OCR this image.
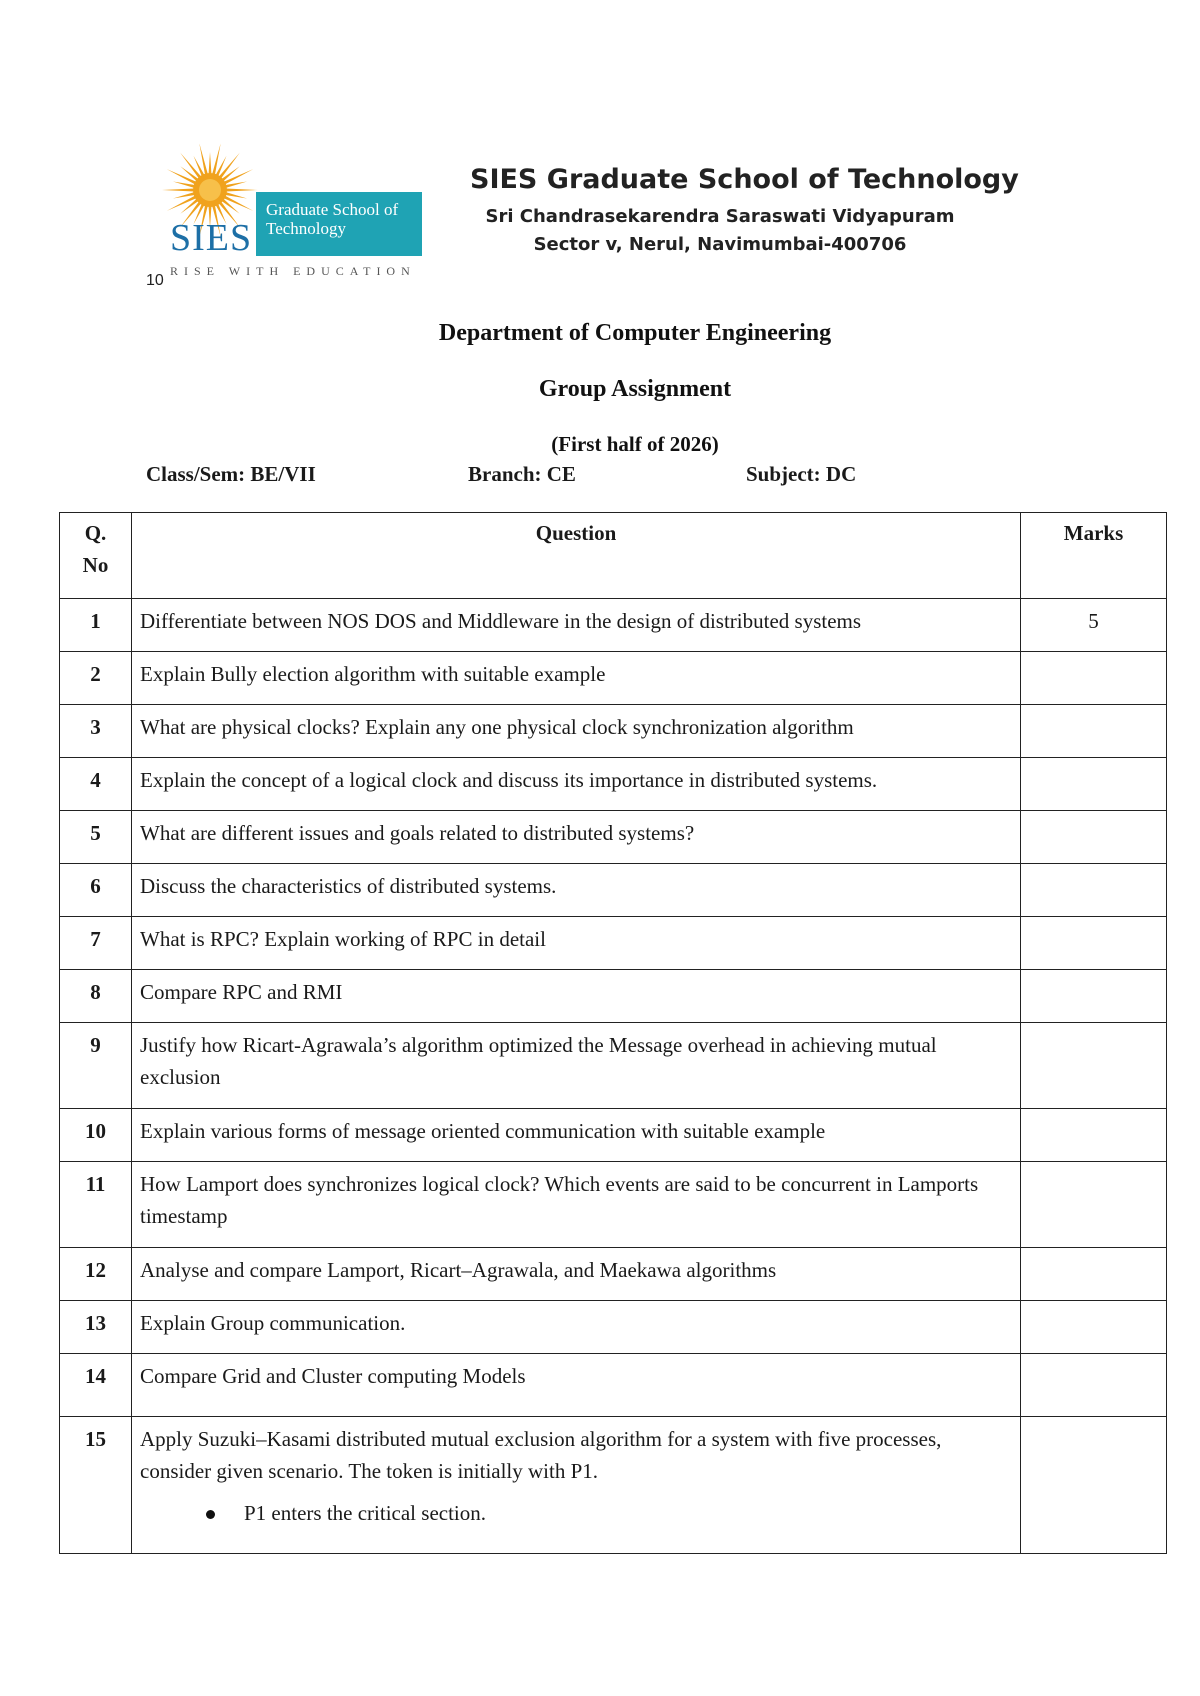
Graduate School of Technology
SIES
RISE WITH EDUCATION
10
SIES Graduate School of Technology
Sri Chandrasekarendra Saraswati Vidyapuram
Sector v, Nerul, Navimumbai-400706
Department of Computer Engineering
Group Assignment
(First half of 2026)
Class/Sem: BE/VII	Branch: CE	Subject: DC
Q. No	Question	Marks
1	Differentiate between NOS DOS and Middleware in the design of distributed systems	5
2	Explain Bully election algorithm with suitable example	

3	What are physical clocks? Explain any one physical clock synchronization algorithm	

4	Explain the concept of a logical clock and discuss its importance in distributed systems.	

5	What are different issues and goals related to distributed systems?	

6	Discuss the characteristics of distributed systems.	

7	What is RPC? Explain working of RPC in detail	

8	Compare RPC and RMI	

9	Justify how Ricart-Agrawala’s algorithm optimized the Message overhead in achieving mutual exclusion	

10	Explain various forms of message oriented communication with suitable example	

11	How Lamport does synchronizes logical clock? Which events are said to be concurrent in Lamports timestamp	

12	Analyse and compare Lamport, Ricart–Agrawala, and Maekawa algorithms	

13	Explain Group communication.	

14	Compare Grid and Cluster computing Models	

15	Apply Suzuki–Kasami distributed mutual exclusion algorithm for a system with five processes, consider given scenario. The token is initially with P1.
P1 enters the critical section.	
